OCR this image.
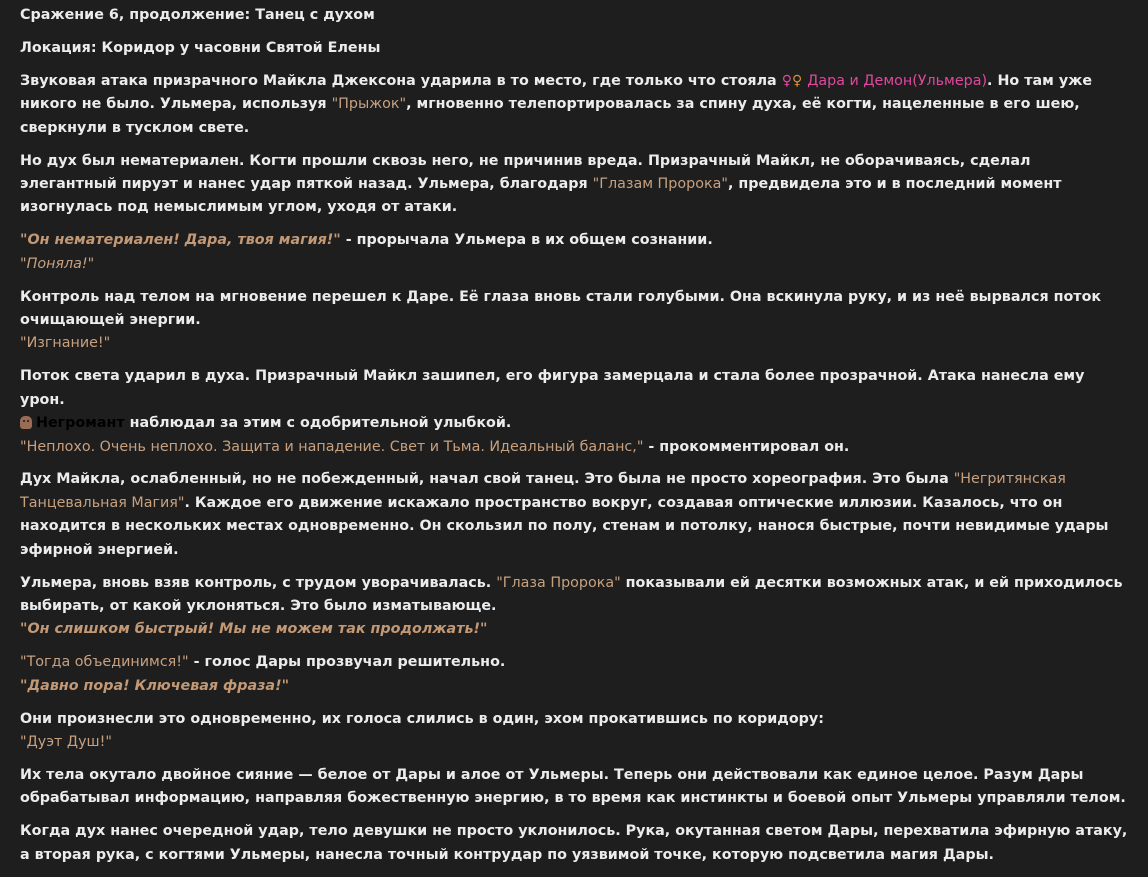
Сражение 6, продолжение: Танец с духом

Локация: Коридор у часовни Святой Елены

Звуковая атака призрачного Майкла Джексона ударила в то место, где только что стояла ♀♀ Дара и Демон(Ульмера). Но там уже никого не было. Ульмера, используя "Прыжок", мгновенно телепортировалась за спину духа, её когти, нацеленные в его шею, сверкнули в тусклом свете.

Но дух был нематериален. Когти прошли сквозь него, не причинив вреда. Призрачный Майкл, не оборачиваясь, сделал элегантный пируэт и нанес удар пяткой назад. Ульмера, благодаря "Глазам Пророка", предвидела это и в последний момент изогнулась под немыслимым углом, уходя от атаки.

"Он нематериален! Дара, твоя магия!" - прорычала Ульмера в их общем сознании.
"Поняла!"

Контроль над телом на мгновение перешел к Даре. Её глаза вновь стали голубыми. Она вскинула руку, и из неё вырвался поток очищающей энергии.
"Изгнание!"

Поток света ударил в духа. Призрачный Майкл зашипел, его фигура замерцала и стала более прозрачной. Атака нанесла ему урон.
Негромант наблюдал за этим с одобрительной улыбкой.
"Неплохо. Очень неплохо. Защита и нападение. Свет и Тьма. Идеальный баланс," - прокомментировал он.

Дух Майкла, ослабленный, но не побежденный, начал свой танец. Это была не просто хореография. Это была "Негритянская Танцевальная Магия". Каждое его движение искажало пространство вокруг, создавая оптические иллюзии. Казалось, что он находится в нескольких местах одновременно. Он скользил по полу, стенам и потолку, нанося быстрые, почти невидимые удары эфирной энергией.

Ульмера, вновь взяв контроль, с трудом уворачивалась. "Глаза Пророка" показывали ей десятки возможных атак, и ей приходилось выбирать, от какой уклоняться. Это было изматывающе.
"Он слишком быстрый! Мы не можем так продолжать!"

"Тогда объединимся!" - голос Дары прозвучал решительно.
"Давно пора! Ключевая фраза!"

Они произнесли это одновременно, их голоса слились в один, эхом прокатившись по коридору:
"Дуэт Душ!"

Их тела окутало двойное сияние — белое от Дары и алое от Ульмеры. Теперь они действовали как единое целое. Разум Дары обрабатывал информацию, направляя божественную энергию, в то время как инстинкты и боевой опыт Ульмеры управляли телом.

Когда дух нанес очередной удар, тело девушки не просто уклонилось. Рука, окутанная светом Дары, перехватила эфирную атаку, а вторая рука, с когтями Ульмеры, нанесла точный контрудар по уязвимой точке, которую подсветила магия Дары.
